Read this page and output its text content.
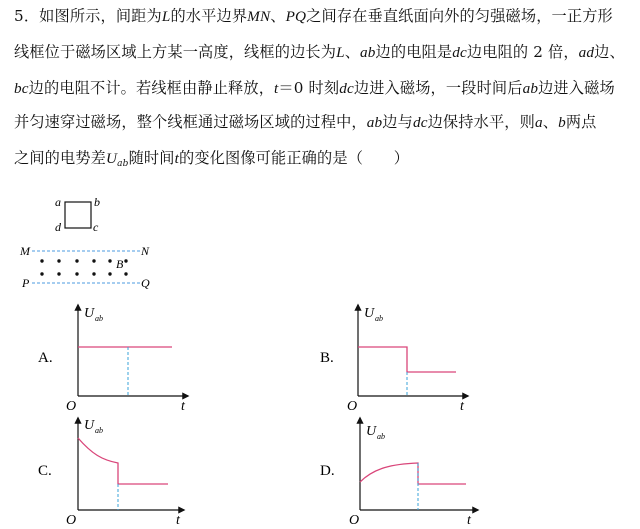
5．如图所示，间距为L的水平边界MN、PQ之间存在垂直纸面向外的匀强磁场，一正方形
线框位于磁场区域上方某一高度，线框的边长为L、ab边的电阻是dc边电阻的 2 倍，ad边、
bc边的电阻不计。若线框由静止释放，t＝0 时刻dc边进入磁场，一段时间后ab边进入磁场
并匀速穿过磁场，整个线框通过磁场区域的过程中，ab边与dc边保持水平，则a、b两点
之间的电势差$U_{ab}$随时间t的变化图像可能正确的是（　　）
a	b
c
d
M	N
P	Q
B
A.
U ab
t
O
B.
U ab
t
O
C.
U ab
t
O
D.
U ab
t
O
